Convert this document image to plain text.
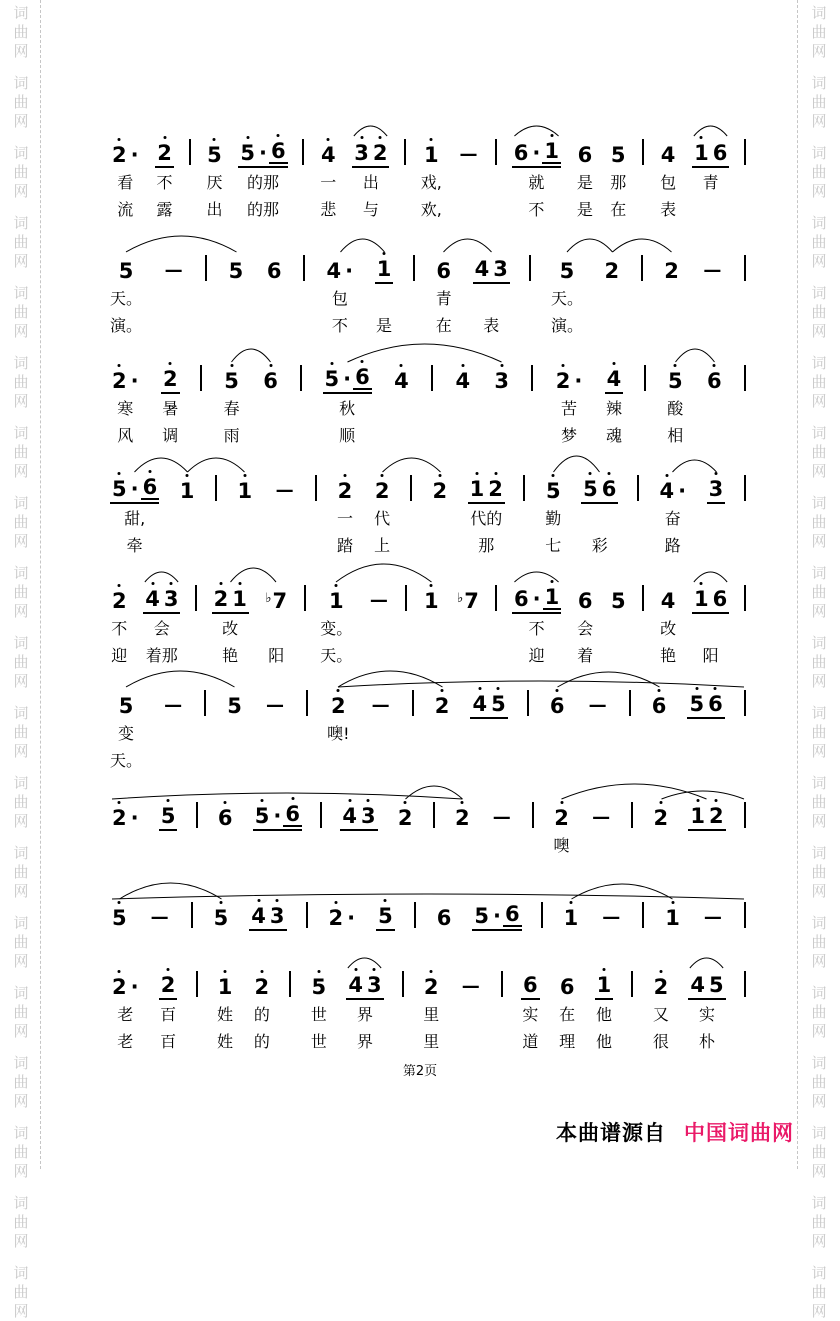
词
曲
网
词
曲
网
词
曲
网
词
曲
网
词
曲
网
词
曲
网
词
曲
网
词
曲
网
词
曲
网
词
曲
网
词
曲
网
词
曲
网
词
曲
网
词
曲
网
词
曲
网
词
曲
网
词
曲
网
词
曲
网
词
曲
网
词
曲
网
词
曲
网
词
曲
网
词
曲
网
词
曲
网
词
曲
网
词
曲
网
词
曲
网
词
曲
网
词
曲
网
词
曲
网
词
曲
网
词
曲
网
词
曲
网
词
曲
网
词
曲
网
词
曲
网
词
曲
网
词
曲
网
2 ·
看
流
2
不
露
5
厌
出
5 · 6
的那
的那
4
一
悲
3 2
出
与
1
戏,
欢,
— 6 · 1
就
不
6
是
是
5
那
在
4
包
表
1 6
青
5
天。
演。
— 5 6 4 ·
包
不
1
是
6
青
在
4 3
表
5
天。
演。
2 2 —
2 ·
寒
风
2
暑
调
5
春
雨
6 5 · 6
秋
顺
4 4 3 2 ·
苦
梦
4
辣
魂
5
酸
相
6
5 · 6
甜,
牵
1 1 — 2
一
踏
2
代
上
2 1 2
代的
那
5
勤
七
5 6
彩
4 ·
奋
路
3
2
不
迎
4 3
会
着那
2 1
改
艳
♭7
阳
1
变。
天。
— 1 ♭7 6 · 1
不
迎
6
会
着
5 4
改
艳
1 6
阳
5
变
天。
— 5 — 2
噢!
— 2 4 5 6 — 6 5 6
2 · 5 6 5 · 6 4 3 2 2 — 2
噢
— 2 1 2
5 — 5 4 3 2 · 5 6 5 · 6 1 — 1 —
2 ·
老
老
2
百
百
1
姓
姓
2
的
的
5
世
世
4 3
界
界
2
里
里
— 6
实
道
6
在
理
1
他
他
2
又
很
4 5
实
朴
第2页
本曲谱源自 中国词曲网
